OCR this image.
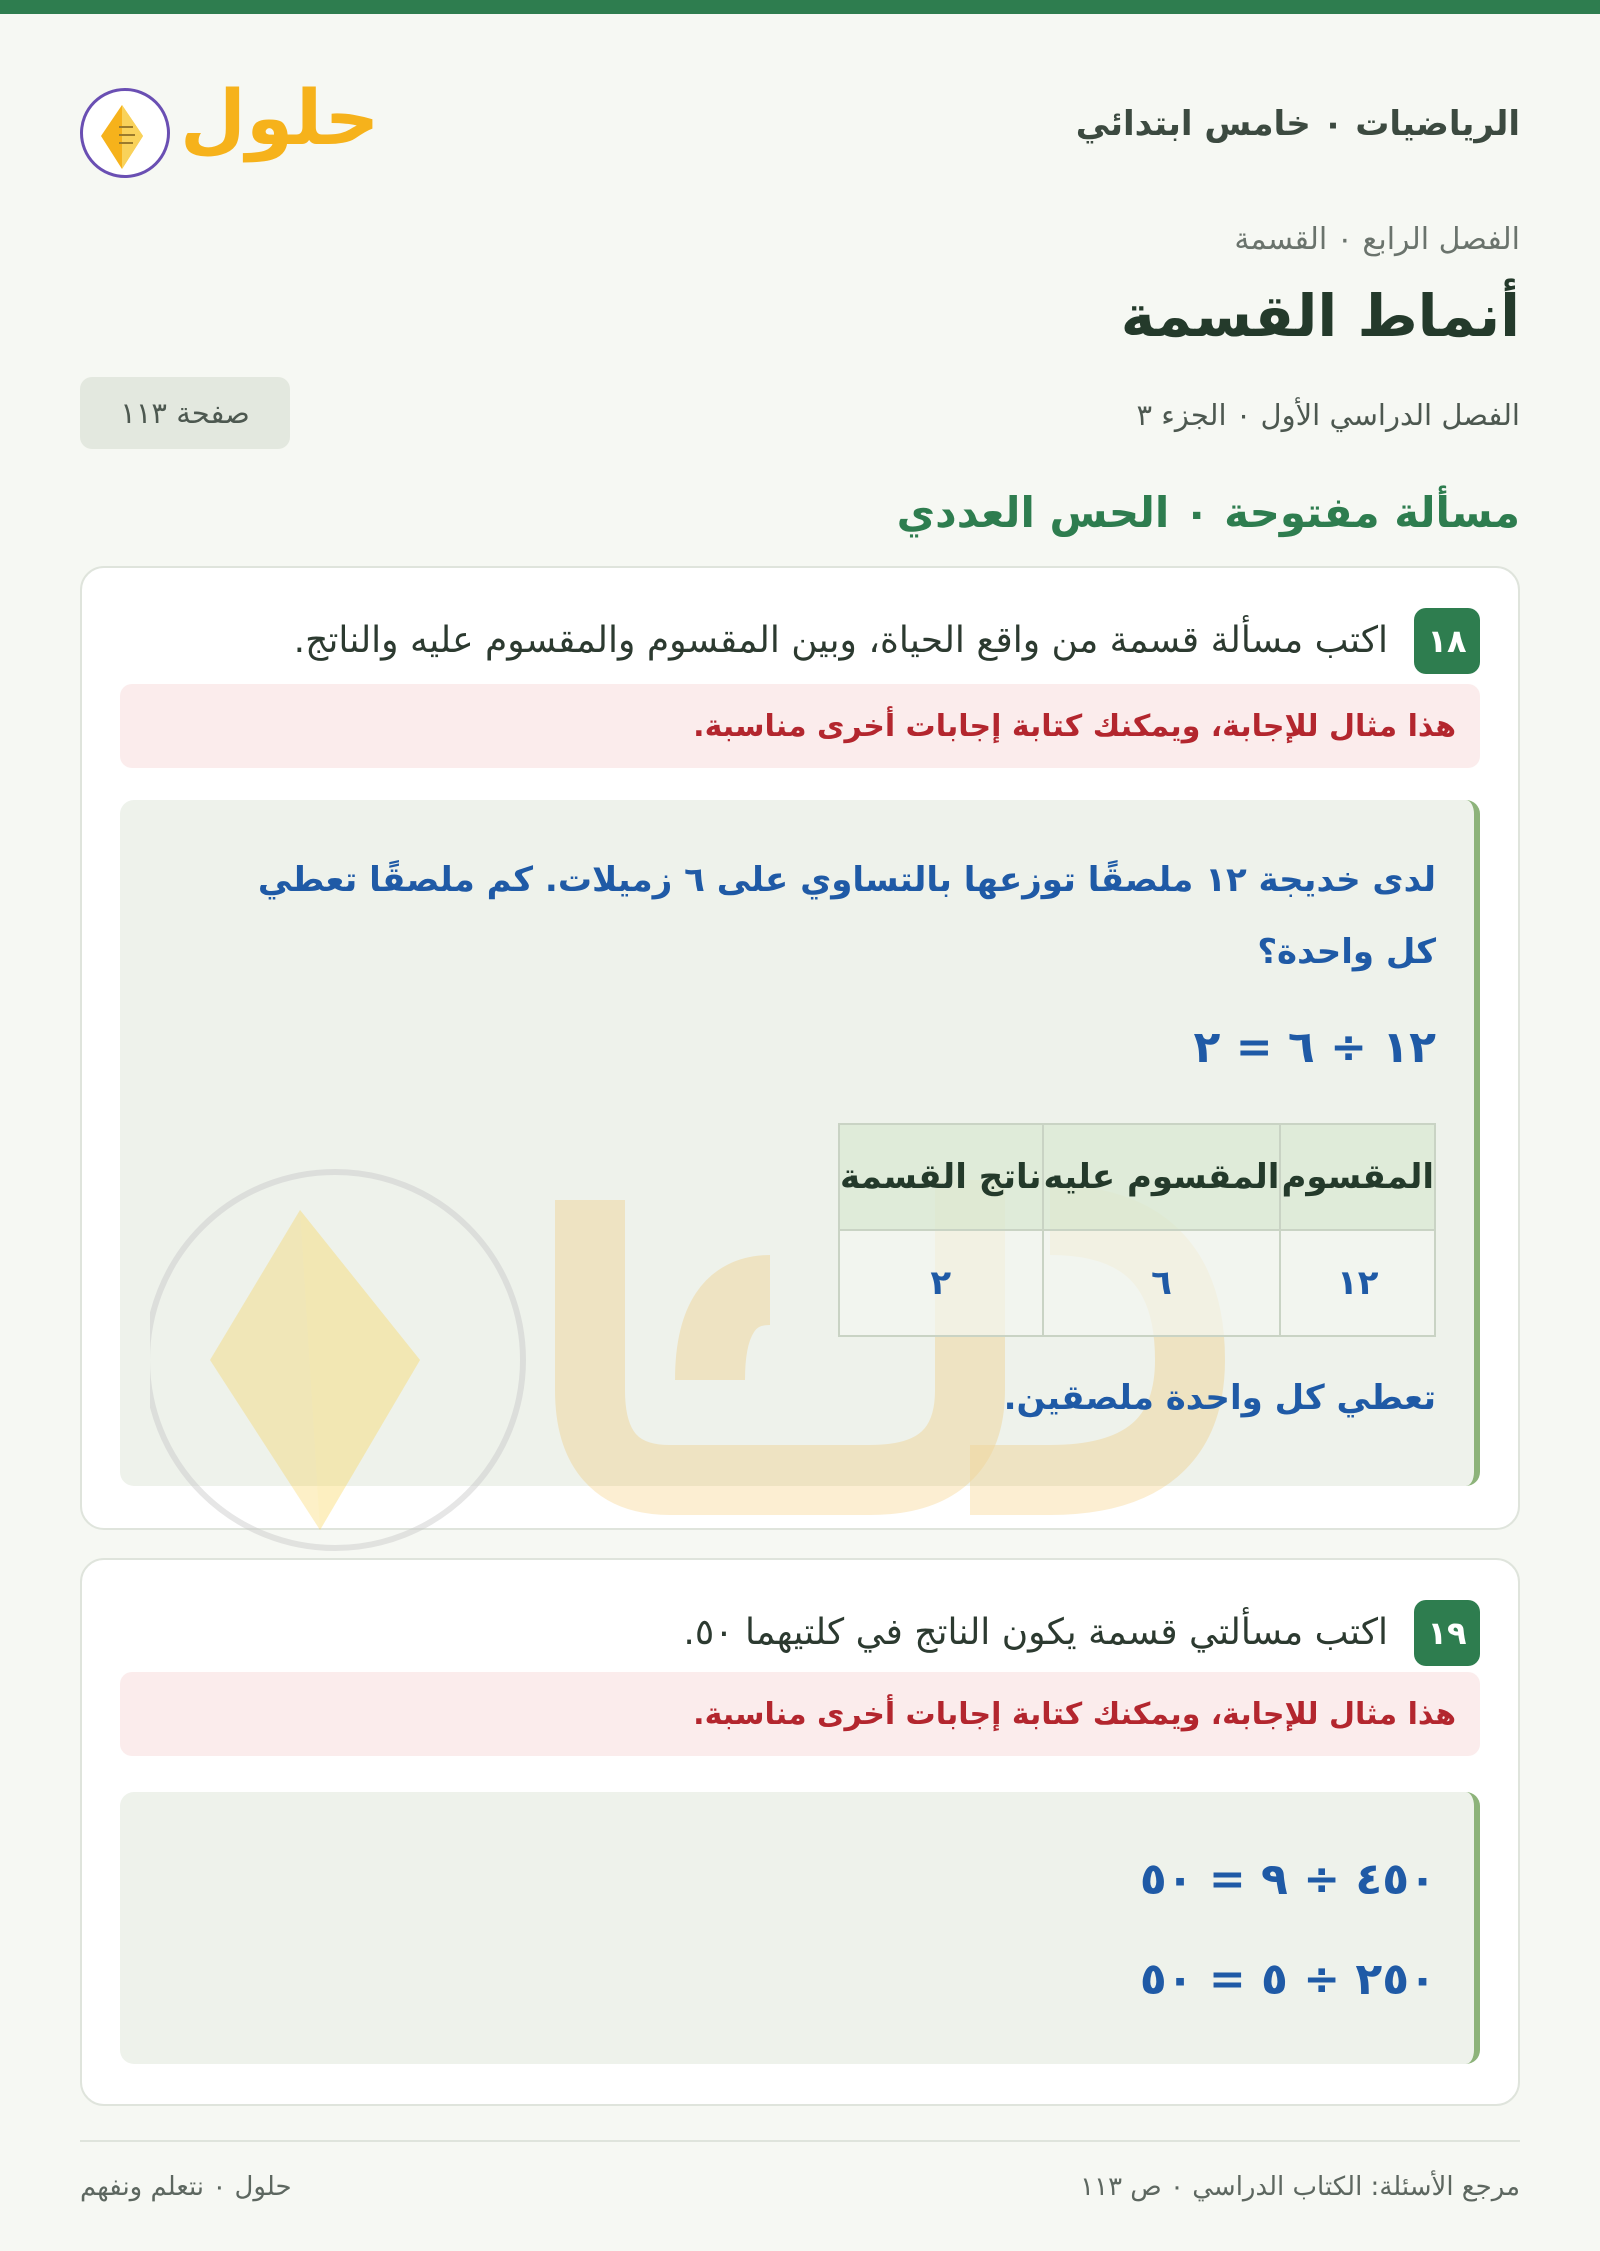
الرياضيات ٠ خامس ابتدائي
حلول
الفصل الرابع ٠ القسمة
أنماط القسمة
الفصل الدراسي الأول ٠ الجزء ٣
صفحة ١١٣
مسألة مفتوحة ٠ الحس العددي
١٨
اكتب مسألة قسمة من واقع الحياة، وبين المقسوم والمقسوم عليه والناتج.
هذا مثال للإجابة، ويمكنك كتابة إجابات أخرى مناسبة.
لدى خديجة ١٢ ملصقًا توزعها بالتساوي على ٦ زميلات. كم ملصقًا تعطي كل واحدة؟
١٢ ÷ ٦ = ٢
المقسوم	المقسوم عليه	ناتج القسمة
١٢	٦	٢
تعطي كل واحدة ملصقين.
١٩
اكتب مسألتي قسمة يكون الناتج في كلتيهما ٥٠.
هذا مثال للإجابة، ويمكنك كتابة إجابات أخرى مناسبة.
٤٥٠ ÷ ٩ = ٥٠
٢٥٠ ÷ ٥ = ٥٠
مرجع الأسئلة: الكتاب الدراسي ٠ ص ١١٣
حلول ٠ نتعلم ونفهم
